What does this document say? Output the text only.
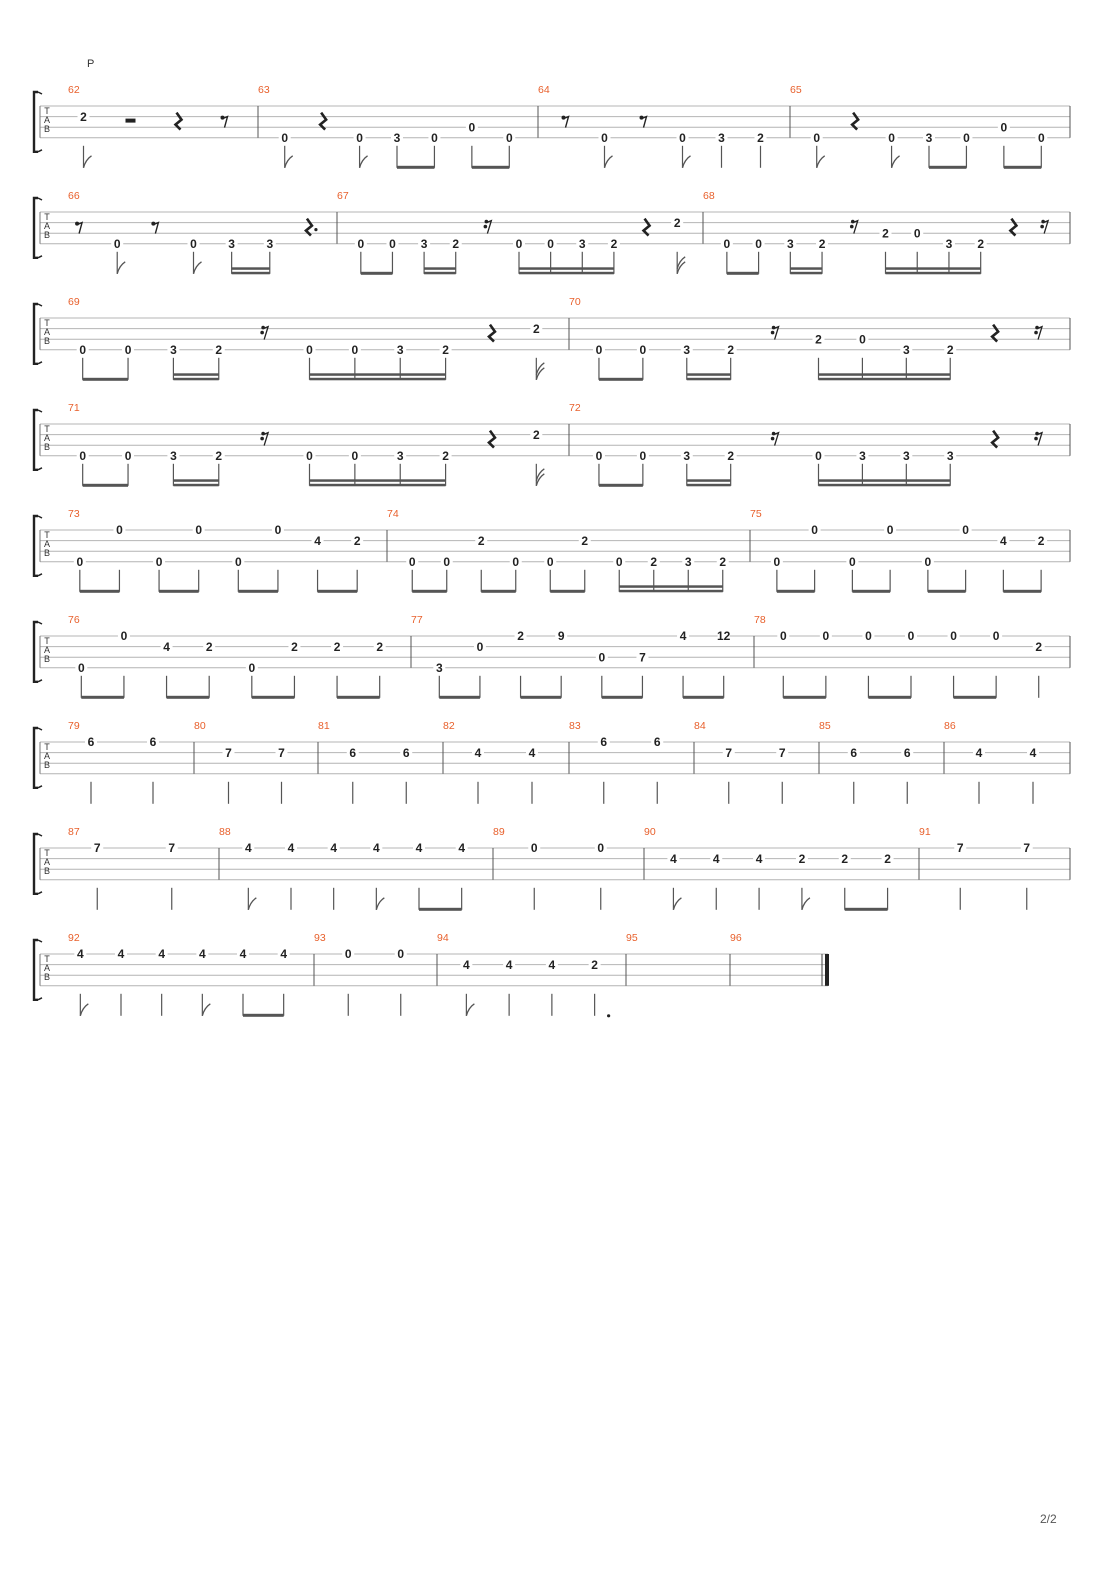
P
T
A
B
62
2
63
0	0	3	0
0
0
64
0	0	3	2
65
0	0	3	0
0
0
T
A
B
66
0	0	3	3
67
0 0 3 2	0 0 3 2
2
68
0 0 3 2
2 0
3 2
T
A
B
69
0	0	3	2	0	0	3	2
2
70
0	0	3	2
2	0
3	2
T
A
B
71
0	0	3	2	0	0	3	2
2
72
0	0	3	2	0	3	3	3
T
A
B
73
0
0
0
0
0
0
4	2
74
0 0
2
0 0
2
0 2 3 2
75
0
0
0
0
0
0
4	2
T
A
B
76
0
0
4	2
0
2	2	2
77
3
0
2	9
0	7
4	12
78
0	0	0	0	0	0
2
T
A
B
79
6	6
80
7	7
81
6	6
82
4	4
83
6	6
84
7	7
85
6	6
86
4	4
T
A
B
87
7	7
88
4	4	4	4	4	4
89
0	0
90
4	4	4	2	2	2
91
7	7
T
A
B
92
4	4	4	4	4	4
93
0	0
94
4	4	4	2
95	96
2/2
